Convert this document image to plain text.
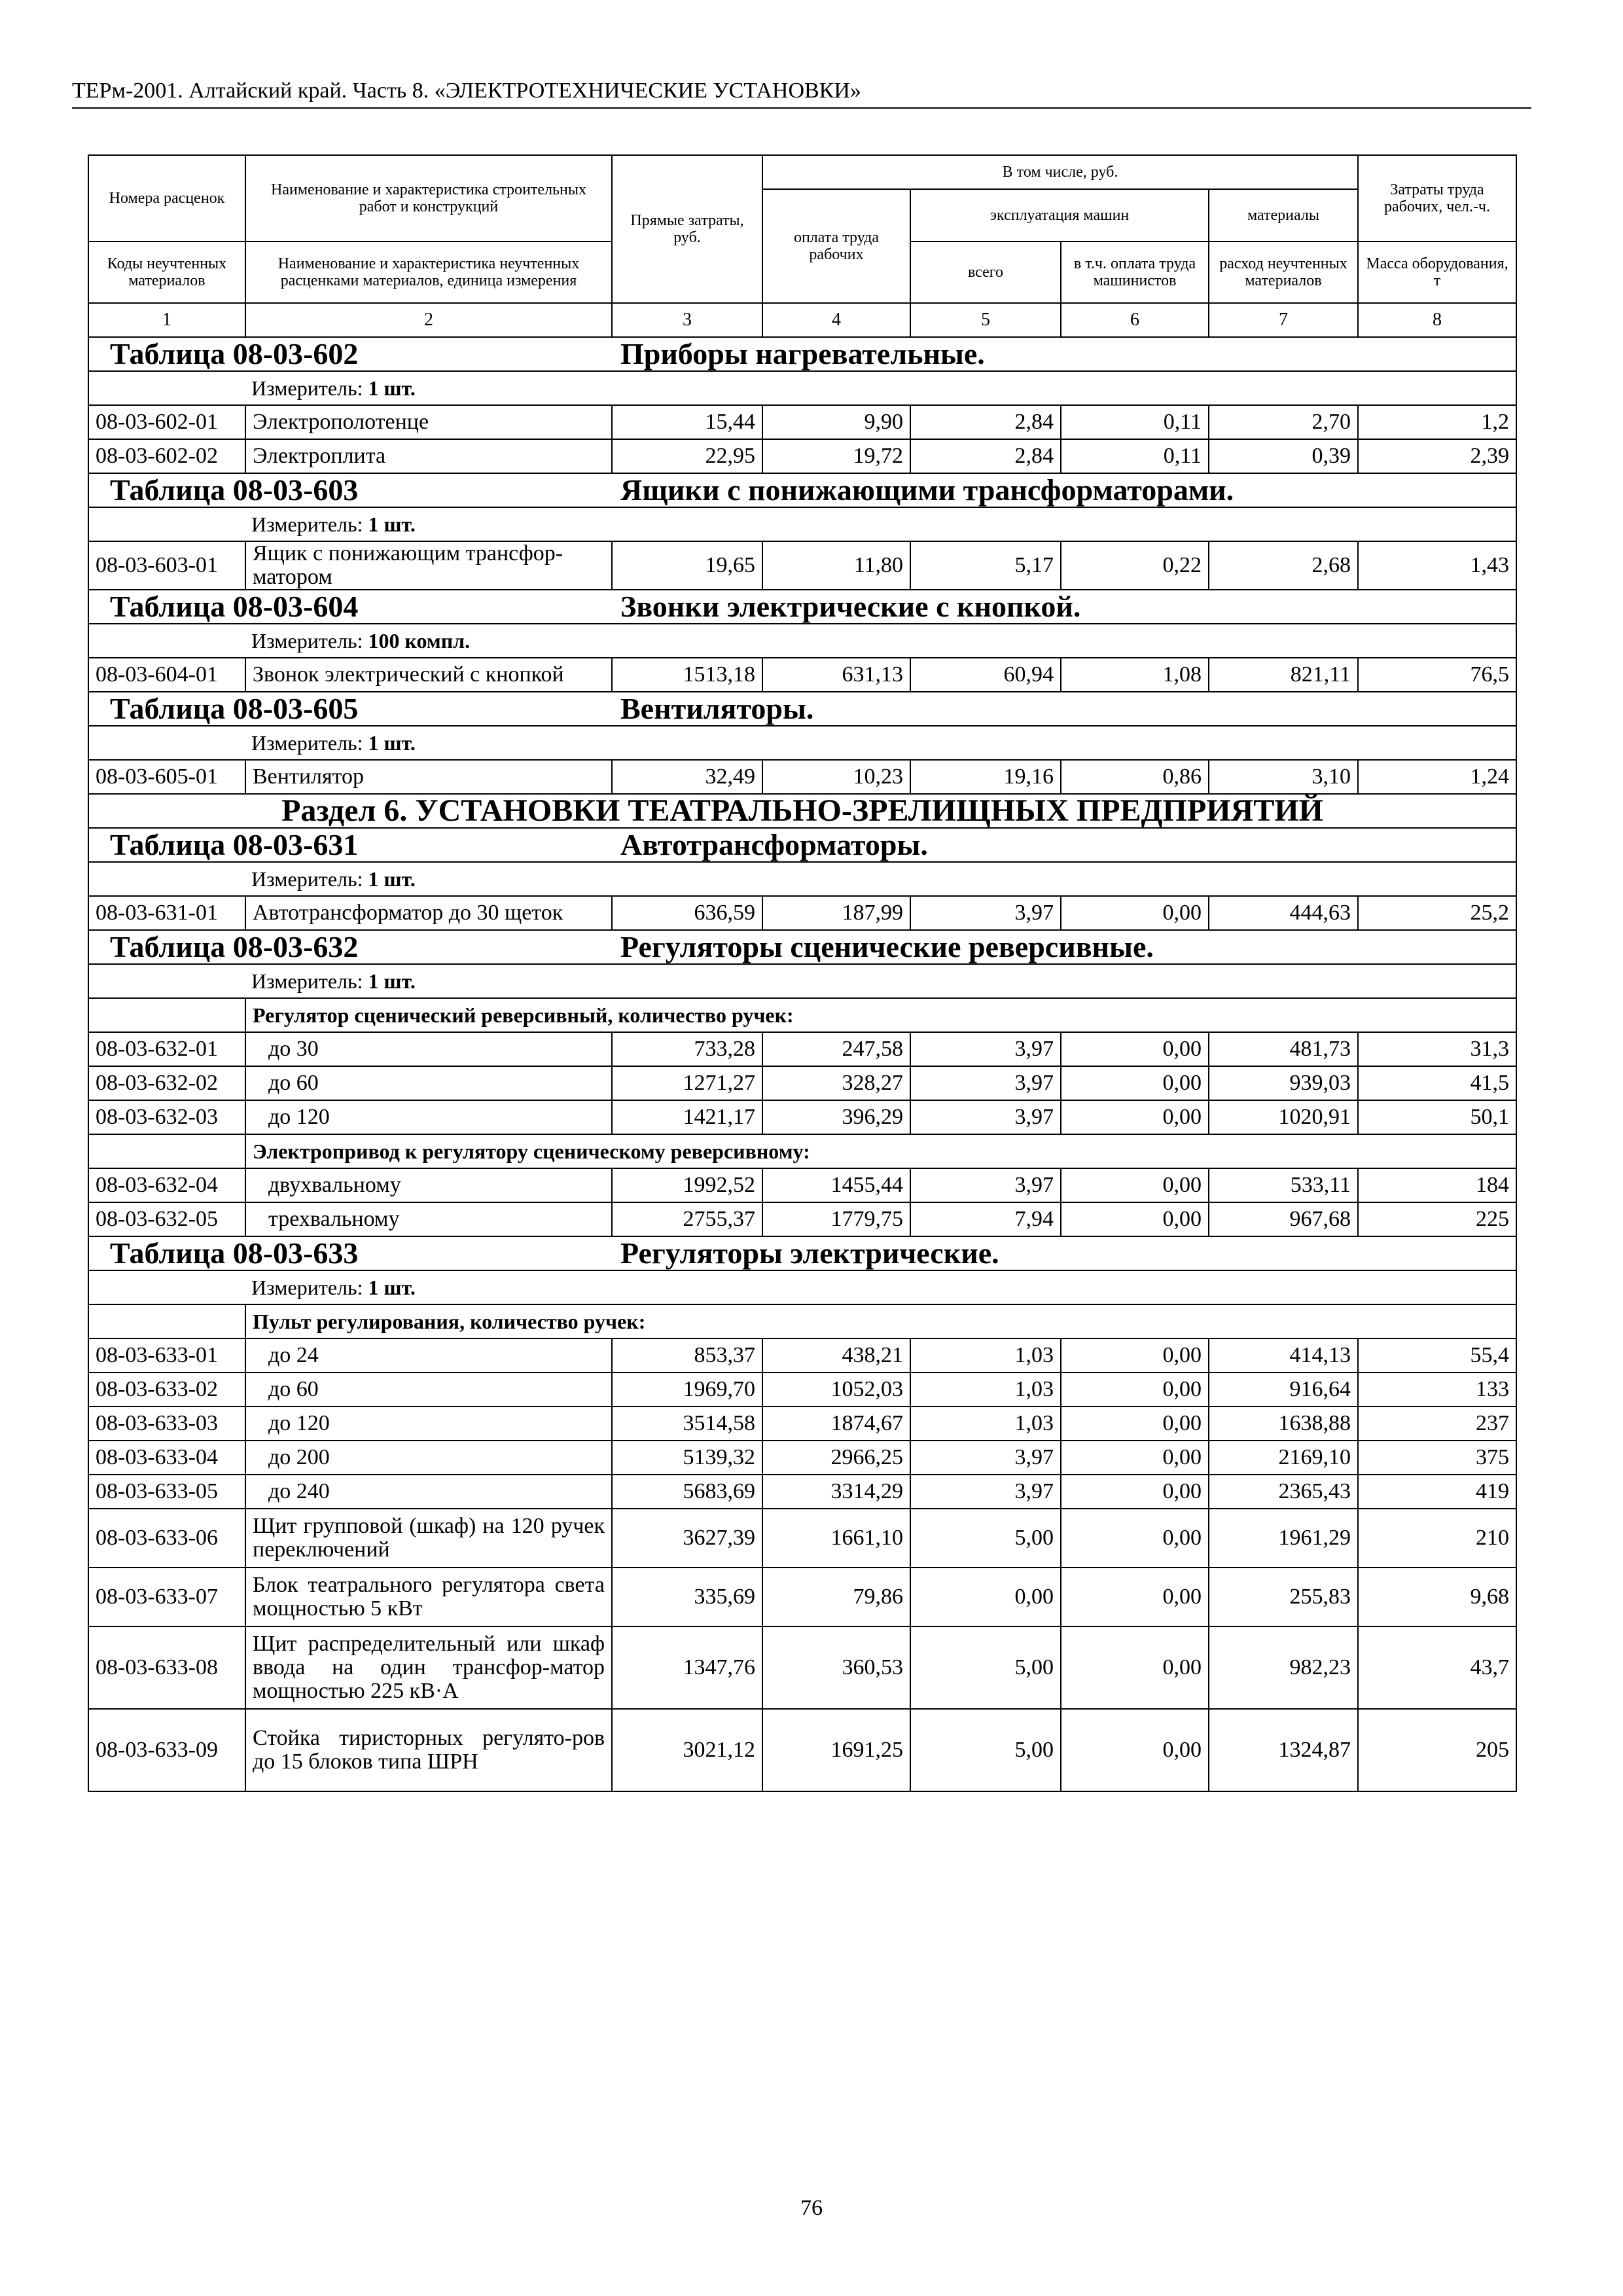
ТЕРм-2001. Алтайский край. Часть 8. «ЭЛЕКТРОТЕХНИЧЕСКИЕ УСТАНОВКИ»
Номера расценок	Наименование и характеристика строительных работ и конструкций	Прямые затраты, руб.	В том числе, руб.				Затраты труда рабочих, чел.-ч.
			оплата труда рабочих	эксплуатация машин		материалы	
Коды неучтенных материалов	Наименование и характеристика неучтенных расценками материалов, единица измерения			всего	в т.ч. оплата труда машинистов	расход неучтенных материалов	Масса оборудования, т

1	2	3	4	5	6	7	8
Таблица 08-03-602 Приборы нагревательные.							
Измеритель: 1 шт.							
08-03-602-01	Электрополотенце	15,44	9,90	2,84	0,11	2,70	1,2
08-03-602-02	Электроплита	22,95	19,72	2,84	0,11	0,39	2,39
Таблица 08-03-603 Ящики с понижающими трансформаторами.							
Измеритель: 1 шт.							
08-03-603-01	Ящик с понижающим трансфор-матором	19,65	11,80	5,17	0,22	2,68	1,43
Таблица 08-03-604 Звонки электрические с кнопкой.							
Измеритель: 100 компл.							
08-03-604-01	Звонок электрический с кнопкой	1513,18	631,13	60,94	1,08	821,11	76,5
Таблица 08-03-605 Вентиляторы.							
Измеритель: 1 шт.							
08-03-605-01	Вентилятор	32,49	10,23	19,16	0,86	3,10	1,24
Раздел 6. УСТАНОВКИ ТЕАТРАЛЬНО-ЗРЕЛИЩНЫХ ПРЕДПРИЯТИЙ							
Таблица 08-03-631 Автотрансформаторы.							
Измеритель: 1 шт.							
08-03-631-01	Автотрансформатор до 30 щеток	636,59	187,99	3,97	0,00	444,63	25,2
Таблица 08-03-632 Регуляторы сценические реверсивные.							
Измеритель: 1 шт.							
	Регулятор сценический реверсивный, количество ручек:						
08-03-632-01	до 30	733,28	247,58	3,97	0,00	481,73	31,3
08-03-632-02	до 60	1271,27	328,27	3,97	0,00	939,03	41,5
08-03-632-03	до 120	1421,17	396,29	3,97	0,00	1020,91	50,1
	Электропривод к регулятору сценическому реверсивному:						
08-03-632-04	двухвальному	1992,52	1455,44	3,97	0,00	533,11	184
08-03-632-05	трехвальному	2755,37	1779,75	7,94	0,00	967,68	225
Таблица 08-03-633 Регуляторы электрические.							
Измеритель: 1 шт.							
	Пульт регулирования, количество ручек:						
08-03-633-01	до 24	853,37	438,21	1,03	0,00	414,13	55,4
08-03-633-02	до 60	1969,70	1052,03	1,03	0,00	916,64	133
08-03-633-03	до 120	3514,58	1874,67	1,03	0,00	1638,88	237
08-03-633-04	до 200	5139,32	2966,25	3,97	0,00	2169,10	375
08-03-633-05	до 240	5683,69	3314,29	3,97	0,00	2365,43	419
08-03-633-06	Щит групповой (шкаф) на 120 ручек переключений	3627,39	1661,10	5,00	0,00	1961,29	210
08-03-633-07	Блок театрального регулятора света мощностью 5 кВт	335,69	79,86	0,00	0,00	255,83	9,68
08-03-633-08	Щит распределительный или шкаф ввода на один трансфор-матор мощностью 225 кВ·А	1347,76	360,53	5,00	0,00	982,23	43,7
08-03-633-09	Стойка тиристорных регулято-ров до 15 блоков типа ШРН	3021,12	1691,25	5,00	0,00	1324,87	205
76
